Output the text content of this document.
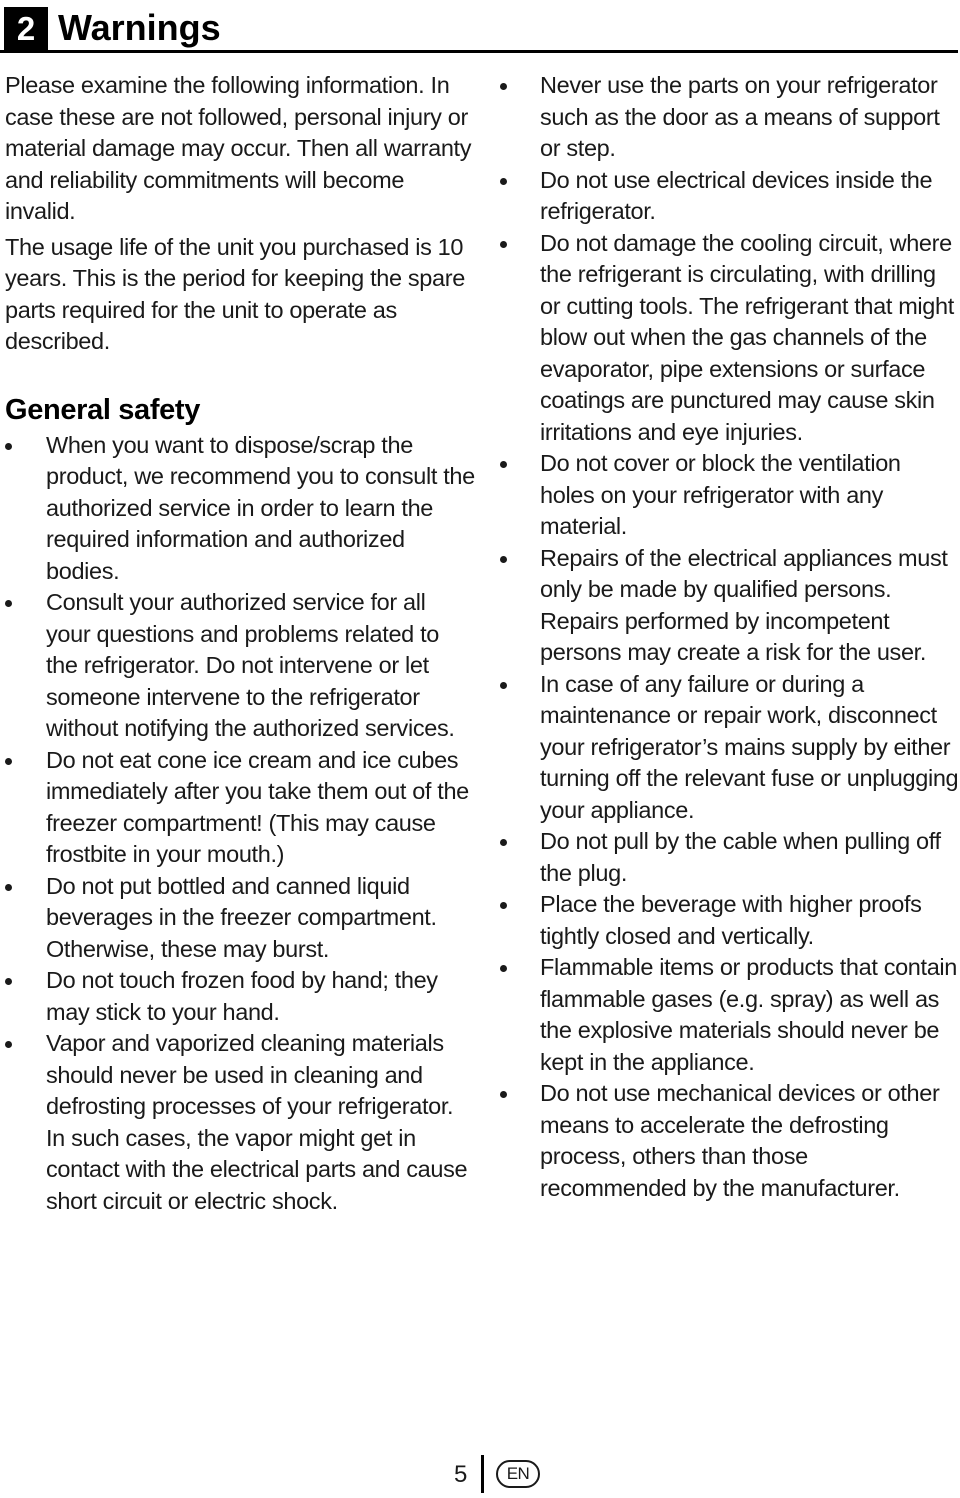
2 Warnings

Please examine the following information. In case these are not followed, personal injury or material damage may occur. Then all warranty and reliability commitments will become invalid.

The usage life of the unit you purchased is 10 years. This is the period for keeping the spare parts required for the unit to operate as described.

General safety
When you want to dispose/scrap the product, we recommend you to consult the authorized service in order to learn the required information and authorized bodies.
Consult your authorized service for all your questions and problems related to the refrigerator. Do not intervene or let someone intervene to the refrigerator without notifying the authorized services.
Do not eat cone ice cream and ice cubes immediately after you take them out of the freezer compartment! (This may cause frostbite in your mouth.)
Do not put bottled and canned liquid beverages in the freezer compartment. Otherwise, these may burst.
Do not touch frozen food by hand; they may stick to your hand.
Vapor and vaporized cleaning materials should never be used in cleaning and defrosting processes of your refrigerator. In such cases, the vapor might get in contact with the electrical parts and cause short circuit or electric shock.
Never use the parts on your refrigerator such as the door as a means of support or step.
Do not use electrical devices inside the refrigerator.
Do not damage the cooling circuit, where the refrigerant is circulating, with drilling or cutting tools. The refrigerant that might blow out when the gas channels of the evaporator, pipe extensions or surface coatings are punctured may cause skin irritations and eye injuries.
Do not cover or block the ventilation holes on your refrigerator with any material.
Repairs of the electrical appliances must only be made by qualified persons. Repairs performed by incompetent persons may create a risk for the user.
In case of any failure or during a maintenance or repair work, disconnect your refrigerator’s mains supply by either turning off the relevant fuse or unplugging your appliance.
Do not pull by the cable when pulling off the plug.
Place the beverage with higher proofs tightly closed and vertically.
Flammable items or products that contain flammable gases (e.g. spray) as well as the explosive materials should never be kept in the appliance.
Do not use mechanical devices or other means to accelerate the defrosting process, others than those recommended by the manufacturer.
5	EN
